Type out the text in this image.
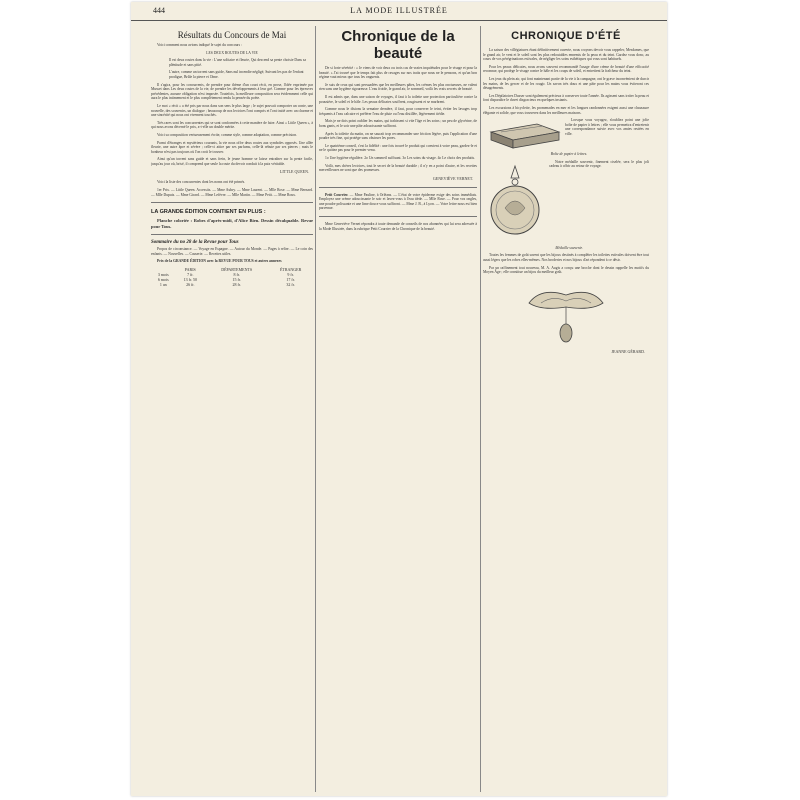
444	LA MODE ILLUSTRÉE
Résultats du Concours de Mai
Voici comment nous avions indiqué le sujet du concours :
LES DEUX ROUTES DE LA VIE
Il est deux routes dans la vie : L'une solitaire et fleurie, Qui descend sa pente choisie Dans sa plénitude et sans pitié.
L'autre, comme un torrent sans guide, Sans nul incendie négligé, Suivant les pas de l'enfant prodigue, Brûle la pierre et l'âme.
Il s'agira, pour les concurrents, de prendre pour thème d'un court récit, en prose, l'idée exprimée par Musset dans Les deux routes de la vie, de prendre les développements à leur gré. Comme pour les épreuves précédentes, aucune obligation n'est imposée. Toutefois, la meilleure composition sera évidemment celle qui aura le plus intimement et le plus complètement rendu la pensée du poète.
Le mot « récit » a été pris par nous dans son sens le plus large ; le sujet pouvait comporter un conte, une nouvelle, des souvenirs, un dialogue ; beaucoup de nos lectrices l'ont compris et l'ont traité avec un charme et une sincérité qui nous ont vivement touchés.
Très rares sont les concurrentes qui se sont conformées à cette manière de faire. Ainsi « Little Queen », à qui nous avons décerné le prix, a-t-elle un double mérite.
Voici sa composition vertueusement écrite, comme style, comme adaptation, comme précision.
Parmi d'étranges et mystérieux courants, la vie nous offre deux routes aux symboles opposés. Une allée fleurie, une autre âpre et sévère ; celle-ci attire par ses parfums, celle-là rebute par ses pierres ; mais le bonheur n'est pas toujours où l'on croit le trouver.
Ainsi qu'un torrent sans guide et sans frein, le jeune homme se laisse entraîner sur la pente facile, jusqu'au jour où, brisé, il comprend que seule la route du devoir conduit à la paix véritable.
LITTLE QUEEN.
Voici la liste des concurrentes dont les noms ont été primés.
1er Prix. — Little Queen. Accessits. — Mme Aubry. — Mme Laurent. — Mlle Rose. — Mme Bernard. — Mlle Dupuis. — Mme Girard. — Mme Lefèvre. — Mlle Martin. — Mme Petit. — Mme Roux.
LA GRANDE ÉDITION CONTIENT EN PLUS :
Planche coloriée : Robes d'après-midi, d'Alice Bien. Dessin décalquable. Revue pour Tous.
Sommaire du no 28 de la Revue pour Tous
Propos de circonstance. — Voyage en Espagne. — Autour du Monde. — Pages à relire. — Le coin des enfants. — Nouvelles. — Causerie. — Recettes utiles.
Prix de la GRANDE ÉDITION avec la REVUE POUR TOUS et autres annexes
	PARIS	DÉPARTEMENTS	ÉTRANGER
3 mois	7 fr.	8 fr.	9 fr.
6 mois	13 fr. 50	15 fr.	17 fr.
1 an	26 fr.	28 fr.	32 fr.
Chronique de la beauté
De si forte sévérité : « Je viens de voir deux ou trois cas de vraies inquiétudes pour le visage et pour la beauté. » J'ai trouvé que le temps fait plus de ravages sur nos traits que nous ne le pensons, et qu'un bon régime vaut mieux que tous les onguents.
Je suis de ceux qui sont persuadées que les meilleures pâtes, les crèmes les plus onctueuses, ne valent rien sans une hygiène rigoureuse. L'eau froide, le grand air, le sommeil, voilà les vrais secrets de beauté.
Il est admis que, dans une saison de voyages, il faut à la toilette une protection particulière contre la poussière, le soleil et le hâle. Les peaux délicates souffrent, rougissent et se marbrent.
Comme nous le disions la semaine dernière, il faut, pour conserver le teint, éviter les lavages trop fréquents à l'eau calcaire et préférer l'eau de pluie ou l'eau distillée, légèrement tiédie.
Mais je ne dois point oublier les mains, qui trahissent si vite l'âge et les soins ; un peu de glycérine, de bons gants, et le soir une pâte adoucissante suffiront.
Après la toilette du matin, on ne saurait trop recommander une friction légère, puis l'application d'une poudre très fine, qui protège sans obstruer les pores.
Le quatrième conseil, c'est la fidélité : une fois trouvé le produit qui convient à votre peau, gardez-le et ne le quittez pas pour le premier venu.
1o Une hygiène régulière. 2o Un sommeil suffisant. 3o Les soins du visage. 4o Le choix des produits.
Voilà, mes chères lectrices, tout le secret de la beauté durable ; il n'y en a point d'autre, et les recettes merveilleuses ne sont que des promesses.
GENEVIÈVE VERNET.
Petit Courrier. — Mme Pauline, à Orléans. — L'état de votre épiderme exige des soins immédiats. Employez une crème adoucissante le soir et lavez-vous à l'eau tiède. — Mlle Rose. — Pour vos ongles, une poudre polissante et une lime douce vous suffiront. — Mme J. B., à Lyon. — Votre lettre nous est bien parvenue.
Mme Geneviève Vernet répondra à toute demande de conseils de nos abonnées qui lui sera adressée à la Mode Illustrée, dans la rubrique Petit Courrier de la Chronique de la beauté.
CHRONIQUE D'ÉTÉ
La saison des villégiatures étant définitivement ouverte, nous croyons devoir vous rappeler, Mesdames, que le grand air, le vent et le soleil sont les plus redoutables ennemis de la peau et du teint. Gardez vous donc, au cours de vos pérégrinations estivales, de négliger les soins esthétiques qui vous sont habituels.
Pour les peaux délicates, nous avons souvent recommandé l'usage d'une crème de beauté d'une efficacité reconnue, qui protège le visage contre le hâle et les coups de soleil, et entretient la fraîcheur du teint.
Les jeux du plein air, qui font maintenant partie de la vie à la campagne, ont le grave inconvénient de durcir les mains, de les gercer et de les rougir. Un savon très doux et une pâte pour les mains vous éviteront ces désagréments.
Les Dépilatoires Dusser sont également précieux à conserver toute l'année. Ils agissent sans irriter la peau et font disparaître le duvet disgracieux en quelques instants.
Les excursions à bicyclette, les promenades en mer et les longues randonnées exigent aussi une chaussure élégante et solide, que vous trouverez dans les meilleures maisons.
Lorsque vous voyagez, n'oubliez point une jolie boîte de papier à lettres ; elle vous permettra d'entretenir une correspondance suivie avec vos amies restées en ville.
Boîte de papier à lettres.
Notre médaille souvenir, finement ciselée, sera le plus joli cadeau à offrir au retour de voyage.
Médaille souvenir.
Toutes les femmes de goût savent que les bijoux destinés à compléter les toilettes estivales doivent être tout aussi légers que les robes elles-mêmes. Nos broderies et nos bijoux d'art répondent à ce désir.
Par un raffinement tout nouveau, M. A. Augis a conçu une broche dont le dessin rappelle les motifs du Moyen Âge ; elle constitue un bijou du meilleur goût.
JEANNE GÉRARD.
